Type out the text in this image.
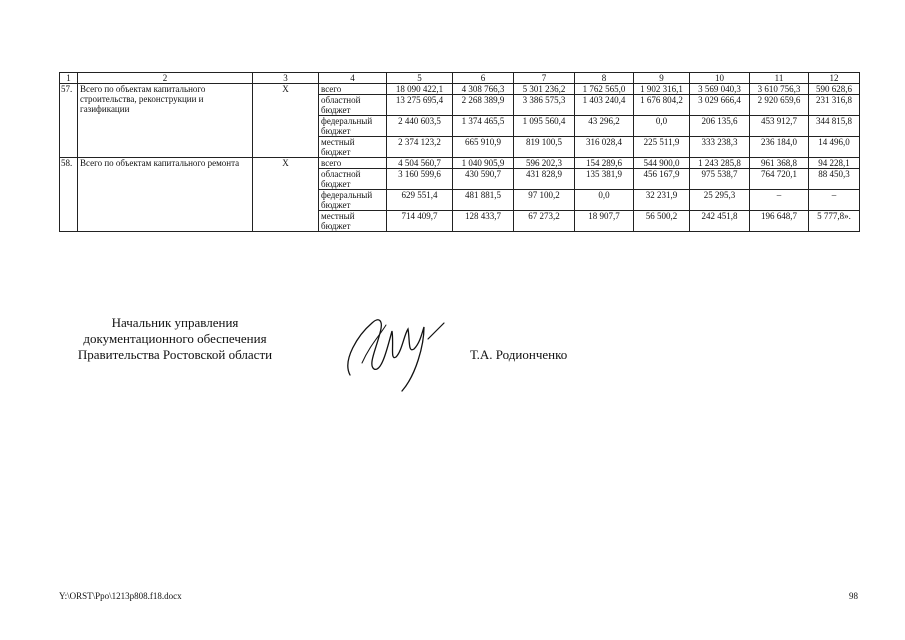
1	2	3	4	5	6	7	8	9	10	11	12
57.	Всего по объектам капитального строительства, реконструкции и газификации	Х	всего	18 090 422,1	4 308 766,3	5 301 236,2	1 762 565,0	1 902 316,1	3 569 040,3	3 610 756,3	590 628,6
			областной бюджет	13 275 695,4	2 268 389,9	3 386 575,3	1 403 240,4	1 676 804,2	3 029 666,4	2 920 659,6	231 316,8
			федеральный бюджет	2 440 603,5	1 374 465,5	1 095 560,4	43 296,2	0,0	206 135,6	453 912,7	344 815,8
			местный бюджет	2 374 123,2	665 910,9	819 100,5	316 028,4	225 511,9	333 238,3	236 184,0	14 496,0
58.	Всего по объектам капитального ремонта	Х	всего	4 504 560,7	1 040 905,9	596 202,3	154 289,6	544 900,0	1 243 285,8	961 368,8	94 228,1
			областной бюджет	3 160 599,6	430 590,7	431 828,9	135 381,9	456 167,9	975 538,7	764 720,1	88 450,3
			федеральный бюджет	629 551,4	481 881,5	97 100,2	0,0	32 231,9	25 295,3	–	–
			местный бюджет	714 409,7	128 433,7	67 273,2	18 907,7	56 500,2	242 451,8	196 648,7	5 777,8».
Начальник управления
документационного обеспечения
Правительства Ростовской области	Т.А. Родионченко
Y:\ORST\Ppo\1213p808.f18.docx	98
